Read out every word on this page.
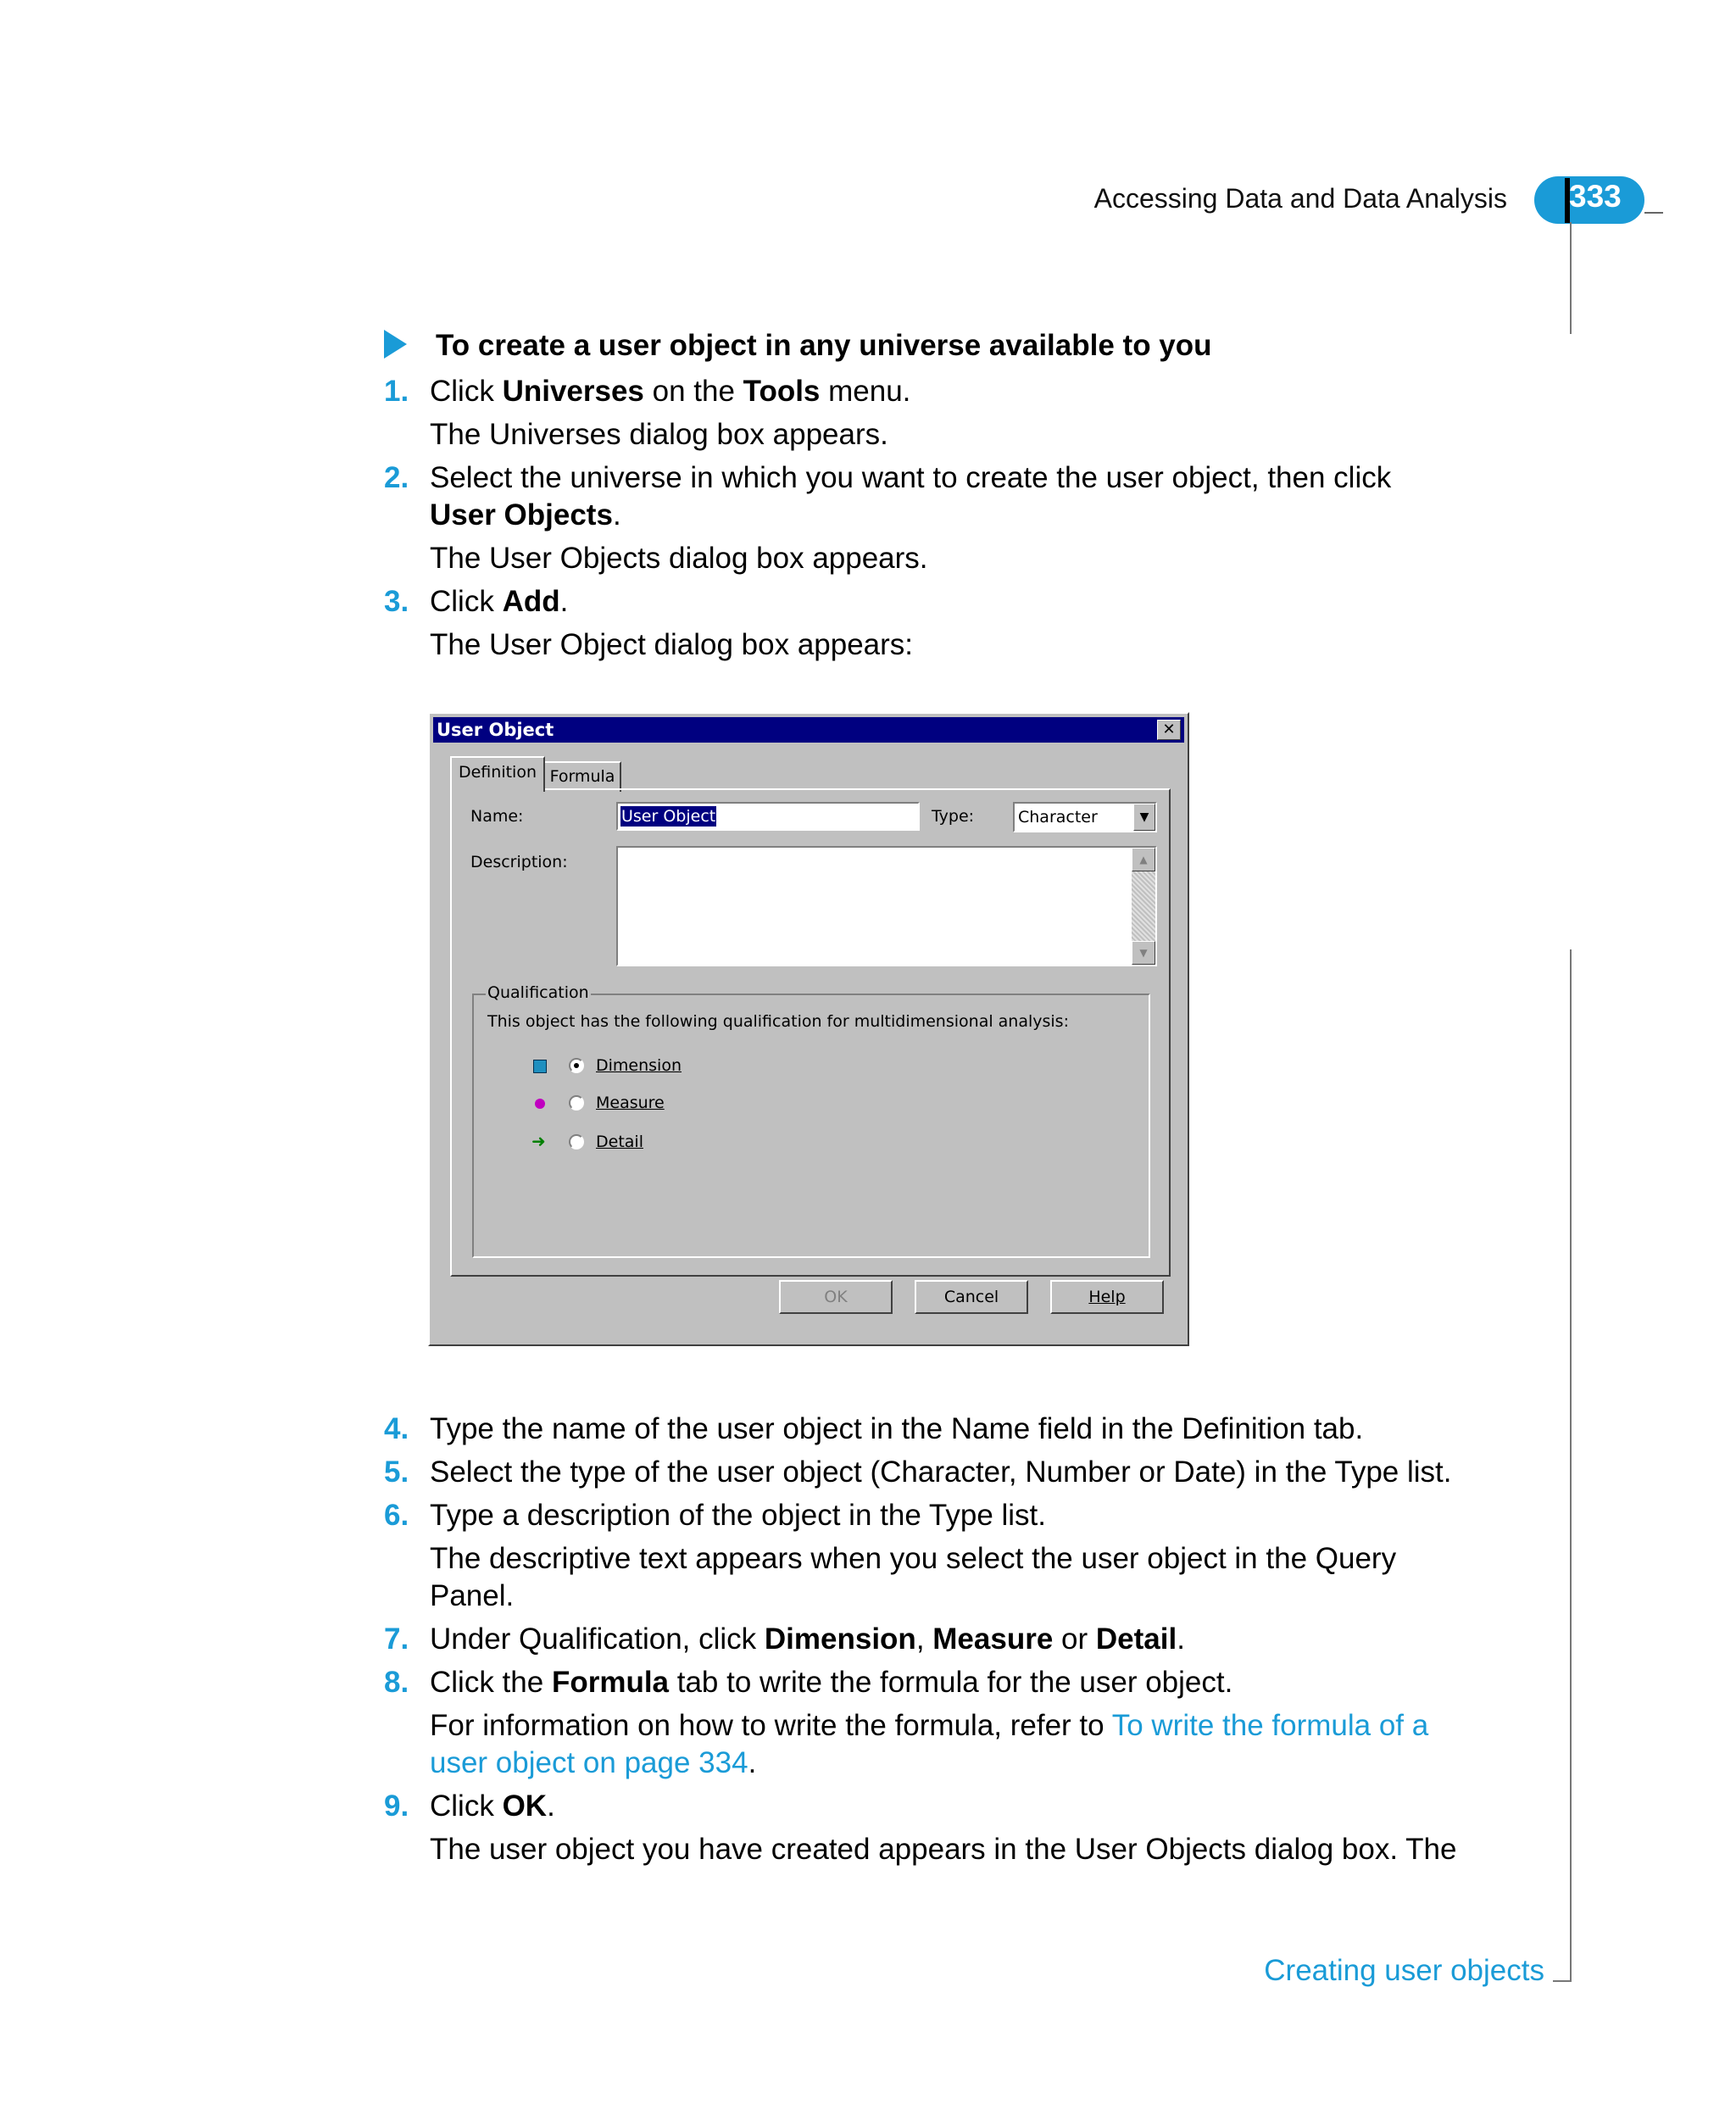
Accessing Data and Data Analysis 333
To create a user object in any universe available to you
1. Click Universes on the Tools menu.
The Universes dialog box appears.
2. Select the universe in which you want to create the user object, then click
User Objects.
The User Objects dialog box appears.
3. Click Add.
The User Object dialog box appears:
User Object	✕
Definition Formula
Name:	User Object	Type:	Character	▼
Description:	▲
▼
Qualification
This object has the following qualification for multidimensional analysis:
Dimension
Measure
➜	Detail
OK	Cancel	Help
4. Type the name of the user object in the Name field in the Definition tab.
5. Select the type of the user object (Character, Number or Date) in the Type list.
6. Type a description of the object in the Type list.
The descriptive text appears when you select the user object in the Query Panel.
7. Under Qualification, click Dimension, Measure or Detail.
8. Click the Formula tab to write the formula for the user object.
For information on how to write the formula, refer to To write the formula of a user object on page 334.
9. Click OK.
The user object you have created appears in the User Objects dialog box. The
Creating user objects
